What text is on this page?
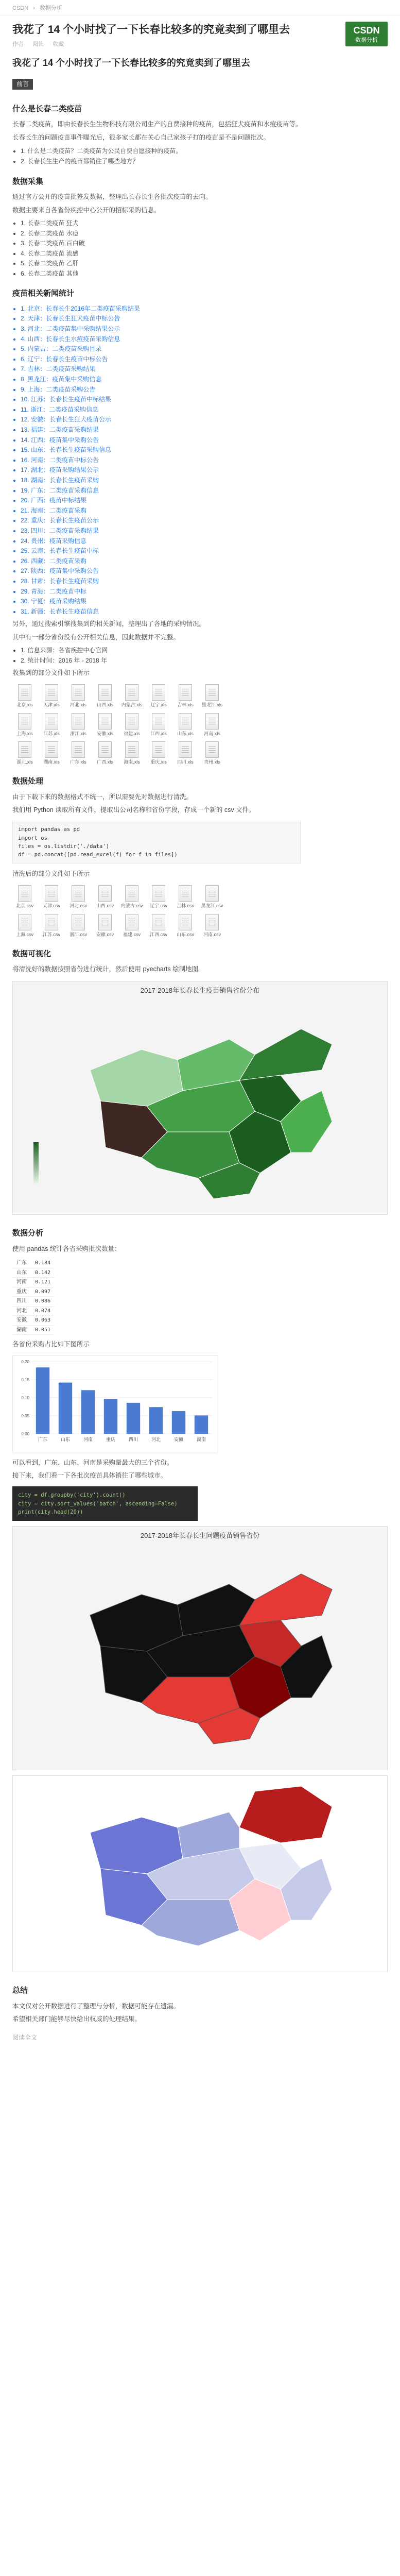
CSDN › 数据分析
我花了 14 个小时找了一下长春比较多的究竟卖到了哪里去
作者 阅读 收藏
CSDN
数据分析
我花了 14 个小时找了一下长春比较多的究竟卖到了哪里去
前言
什么是长春二类疫苗
长春二类疫苗，即由长春长生生物科技有限公司生产的自费接种的疫苗，包括狂犬疫苗和水痘疫苗等。
长春长生的问题疫苗事件曝光后，很多家长都在关心自己家孩子打的疫苗是不是问题批次。
• 1. 什么是二类疫苗？二类疫苗为公民自费自愿接种的疫苗。
• 2. 长春长生生产的疫苗都销往了哪些地方？
数据采集
通过官方公开的疫苗批签发数据，整理出长春长生各批次疫苗的去向。
数据主要来自各省份疾控中心公开的招标采购信息。
• 1. 长春二类疫苗 狂犬
• 2. 长春二类疫苗 水痘
• 3. 长春二类疫苗 百白破
• 4. 长春二类疫苗 流感
• 5. 长春二类疫苗 乙肝
• 6. 长春二类疫苗 其他
疫苗相关新闻统计
• 1. 北京：长春长生2016年二类疫苗采购结果
• 2. 天津：长春长生狂犬疫苗中标公告
• 3. 河北：二类疫苗集中采购结果公示
• 4. 山西：长春长生水痘疫苗采购信息
• 5. 内蒙古：二类疫苗采购目录
• 6. 辽宁：长春长生疫苗中标公告
• 7. 吉林：二类疫苗采购结果
• 8. 黑龙江：疫苗集中采购信息
• 9. 上海：二类疫苗采购公告
• 10. 江苏：长春长生疫苗中标结果
• 11. 浙江：二类疫苗采购信息
• 12. 安徽：长春长生狂犬疫苗公示
• 13. 福建：二类疫苗采购结果
• 14. 江西：疫苗集中采购公告
• 15. 山东：长春长生疫苗采购信息
• 16. 河南：二类疫苗中标公告
• 17. 湖北：疫苗采购结果公示
• 18. 湖南：长春长生疫苗采购
• 19. 广东：二类疫苗采购信息
• 20. 广西：疫苗中标结果
• 21. 海南：二类疫苗采购
• 22. 重庆：长春长生疫苗公示
• 23. 四川：二类疫苗采购结果
• 24. 贵州：疫苗采购信息
• 25. 云南：长春长生疫苗中标
• 26. 西藏：二类疫苗采购
• 27. 陕西：疫苗集中采购公告
• 28. 甘肃：长春长生疫苗采购
• 29. 青海：二类疫苗中标
• 30. 宁夏：疫苗采购结果
• 31. 新疆：长春长生疫苗信息
另外，通过搜索引擎搜集到的相关新闻，整理出了各地的采购情况。
其中有一部分省份没有公开相关信息，因此数据并不完整。
• 1. 信息来源：各省疾控中心官网
• 2. 统计时间：2016 年 - 2018 年
收集到的部分文件如下所示
北京.xls	天津.xls	河北.xls	山西.xls	内蒙古.xls	辽宁.xls	吉林.xls	黑龙江.xls
上海.xls	江苏.xls	浙江.xls	安徽.xls	福建.xls	江西.xls	山东.xls	河南.xls
湖北.xls	湖南.xls	广东.xls	广西.xls	海南.xls	重庆.xls	四川.xls	贵州.xls
数据处理
由于下载下来的数据格式不统一，所以需要先对数据进行清洗。
我们用 Python 读取所有文件，提取出公司名称和省份字段，存成一个新的 csv 文件。
import pandas as pd
import os
files = os.listdir('./data')
df = pd.concat([pd.read_excel(f) for f in files])
清洗后的部分文件如下所示
北京.csv	天津.csv	河北.csv	山西.csv	内蒙古.csv	辽宁.csv	吉林.csv	黑龙江.csv
上海.csv	江苏.csv	浙江.csv	安徽.csv	福建.csv	江西.csv	山东.csv	河南.csv
数据可视化
将清洗好的数据按照省份进行统计，然后使用 pyecharts 绘制地图。
2017-2018年长春长生疫苗销售省份分布
数据分析
使用 pandas 统计各省采购批次数量：
广东	0.184
山东	0.142
河南	0.121
重庆	0.097
四川	0.086
河北	0.074
安徽	0.063
湖南	0.051
各省份采购占比如下图所示
0.00
0.05
0.10
0.15
0.20
广东	山东	河南	重庆	四川	河北	安徽	湖南
可以看到，广东、山东、河南是采购量最大的三个省份。
接下来，我们看一下各批次疫苗具体销往了哪些城市。
city = df.groupby('city').count()
city = city.sort_values('batch', ascending=False)
print(city.head(20))
2017-2018年长春长生问题疫苗销售省份
总结
本文仅对公开数据进行了整理与分析，数据可能存在遗漏。
希望相关部门能够尽快给出权威的处理结果。
阅读全文
